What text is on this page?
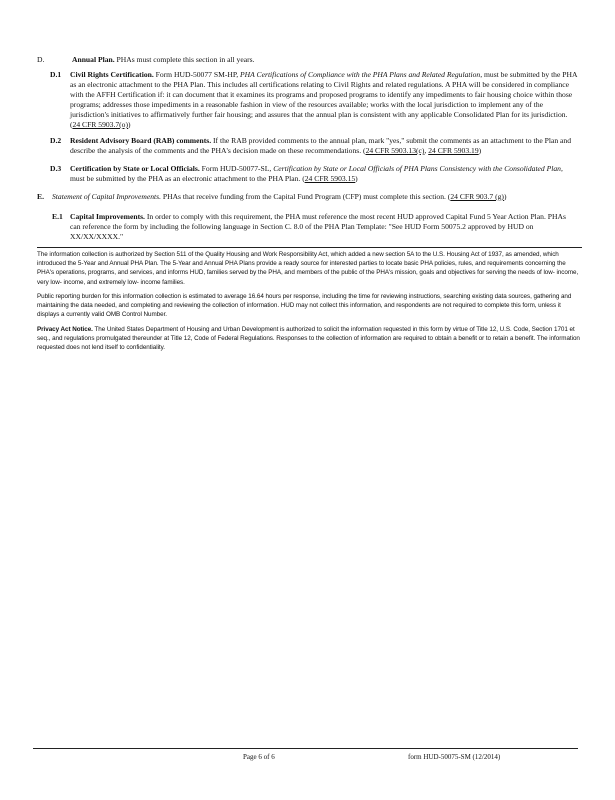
D.	Annual Plan. PHAs must complete this section in all years.
D.1 Civil Rights Certification. Form HUD-50077 SM-HP, PHA Certifications of Compliance with the PHA Plans and Related Regulation, must be submitted by the PHA as an electronic attachment to the PHA Plan. This includes all certifications relating to Civil Rights and related regulations. A PHA will be considered in compliance with the AFFH Certification if: it can document that it examines its programs and proposed programs to identify any impediments to fair housing choice within those programs; addresses those impediments in a reasonable fashion in view of the resources available; works with the local jurisdiction to implement any of the jurisdiction's initiatives to affirmatively further fair housing; and assures that the annual plan is consistent with any applicable Consolidated Plan for its jurisdiction. (24 CFR 5903.7(o))
D.2 Resident Advisory Board (RAB) comments. If the RAB provided comments to the annual plan, mark "yes," submit the comments as an attachment to the Plan and describe the analysis of the comments and the PHA's decision made on these recommendations. (24 CFR 5903.13(c), 24 CFR 5903.19)
D.3 Certification by State or Local Officials. Form HUD-50077-SL, Certification by State or Local Officials of PHA Plans Consistency with the Consolidated Plan, must be submitted by the PHA as an electronic attachment to the PHA Plan. (24 CFR 5903.15)
E. Statement of Capital Improvements. PHAs that receive funding from the Capital Fund Program (CFP) must complete this section. (24 CFR 903.7 (g))
E.1 Capital Improvements. In order to comply with this requirement, the PHA must reference the most recent HUD approved Capital Fund 5 Year Action Plan. PHAs can reference the form by including the following language in Section C. 8.0 of the PHA Plan Template: "See HUD Form 50075.2 approved by HUD on XX/XX/XXXX."
The information collection is authorized by Section 511 of the Quality Housing and Work Responsibility Act, which added a new section 5A to the U.S. Housing Act of 1937, as amended, which introduced the 5-Year and Annual PHA Plan. The 5-Year and Annual PHA Plans provide a ready source for interested parties to locate basic PHA policies, rules, and requirements concerning the PHA's operations, programs, and services, and informs HUD, families served by the PHA, and members of the public of the PHA's mission, goals and objectives for serving the needs of low- income, very low- income, and extremely low- income families.
Public reporting burden for this information collection is estimated to average 16.64 hours per response, including the time for reviewing instructions, searching existing data sources, gathering and maintaining the data needed, and completing and reviewing the collection of information. HUD may not collect this information, and respondents are not required to complete this form, unless it displays a currently valid OMB Control Number.
Privacy Act Notice. The United States Department of Housing and Urban Development is authorized to solicit the information requested in this form by virtue of Title 12, U.S. Code, Section 1701 et seq., and regulations promulgated thereunder at Title 12, Code of Federal Regulations. Responses to the collection of information are required to obtain a benefit or to retain a benefit. The information requested does not lend itself to confidentiality.
Page 6 of 6	form HUD-50075-SM (12/2014)
